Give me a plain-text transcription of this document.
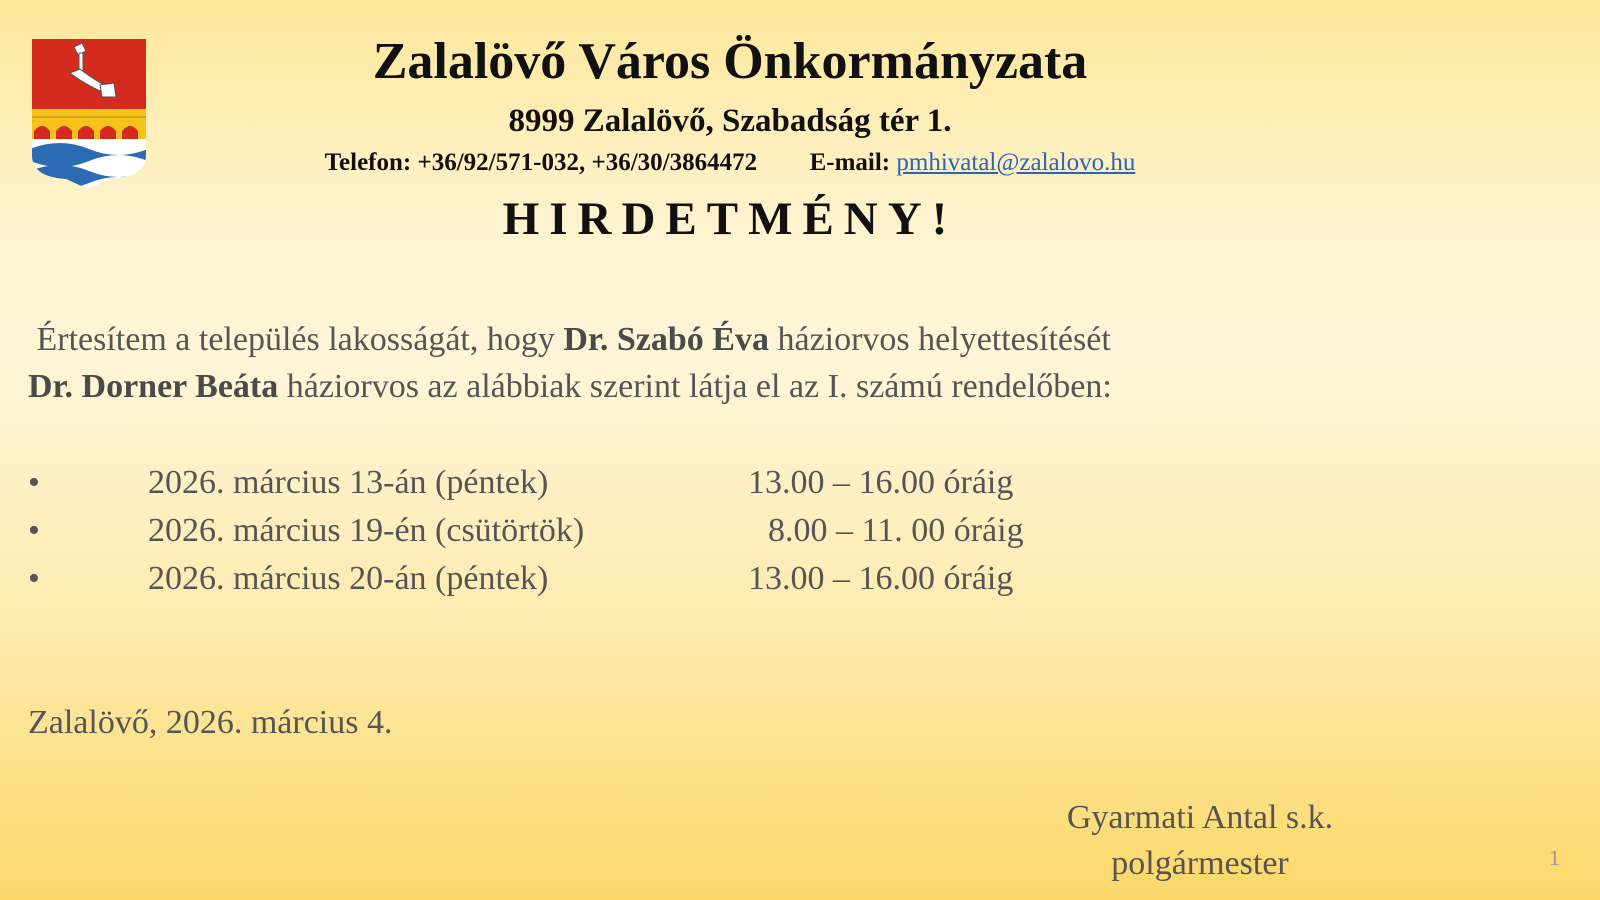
Zalalövő Város Önkormányzata
8999 Zalalövő, Szabadság tér 1.
Telefon: +36/92/571-032, +36/30/3864472 E-mail: pmhivatal@zalalovo.hu
HIRDETMÉNY!
Értesítem a település lakosságát, hogy Dr. Szabó Éva háziorvos helyettesítését
Dr. Dorner Beáta háziorvos az alábbiak szerint látja el az I. számú rendelőben:
•	2026. március 13-án (péntek)	13.00 – 16.00 óráig
•	2026. március 19-én (csütörtök)	8.00 – 11. 00 óráig
•	2026. március 20-án (péntek)	13.00 – 16.00 óráig
Zalalövő, 2026. március 4.
Gyarmati Antal s.k.
polgármester	1
